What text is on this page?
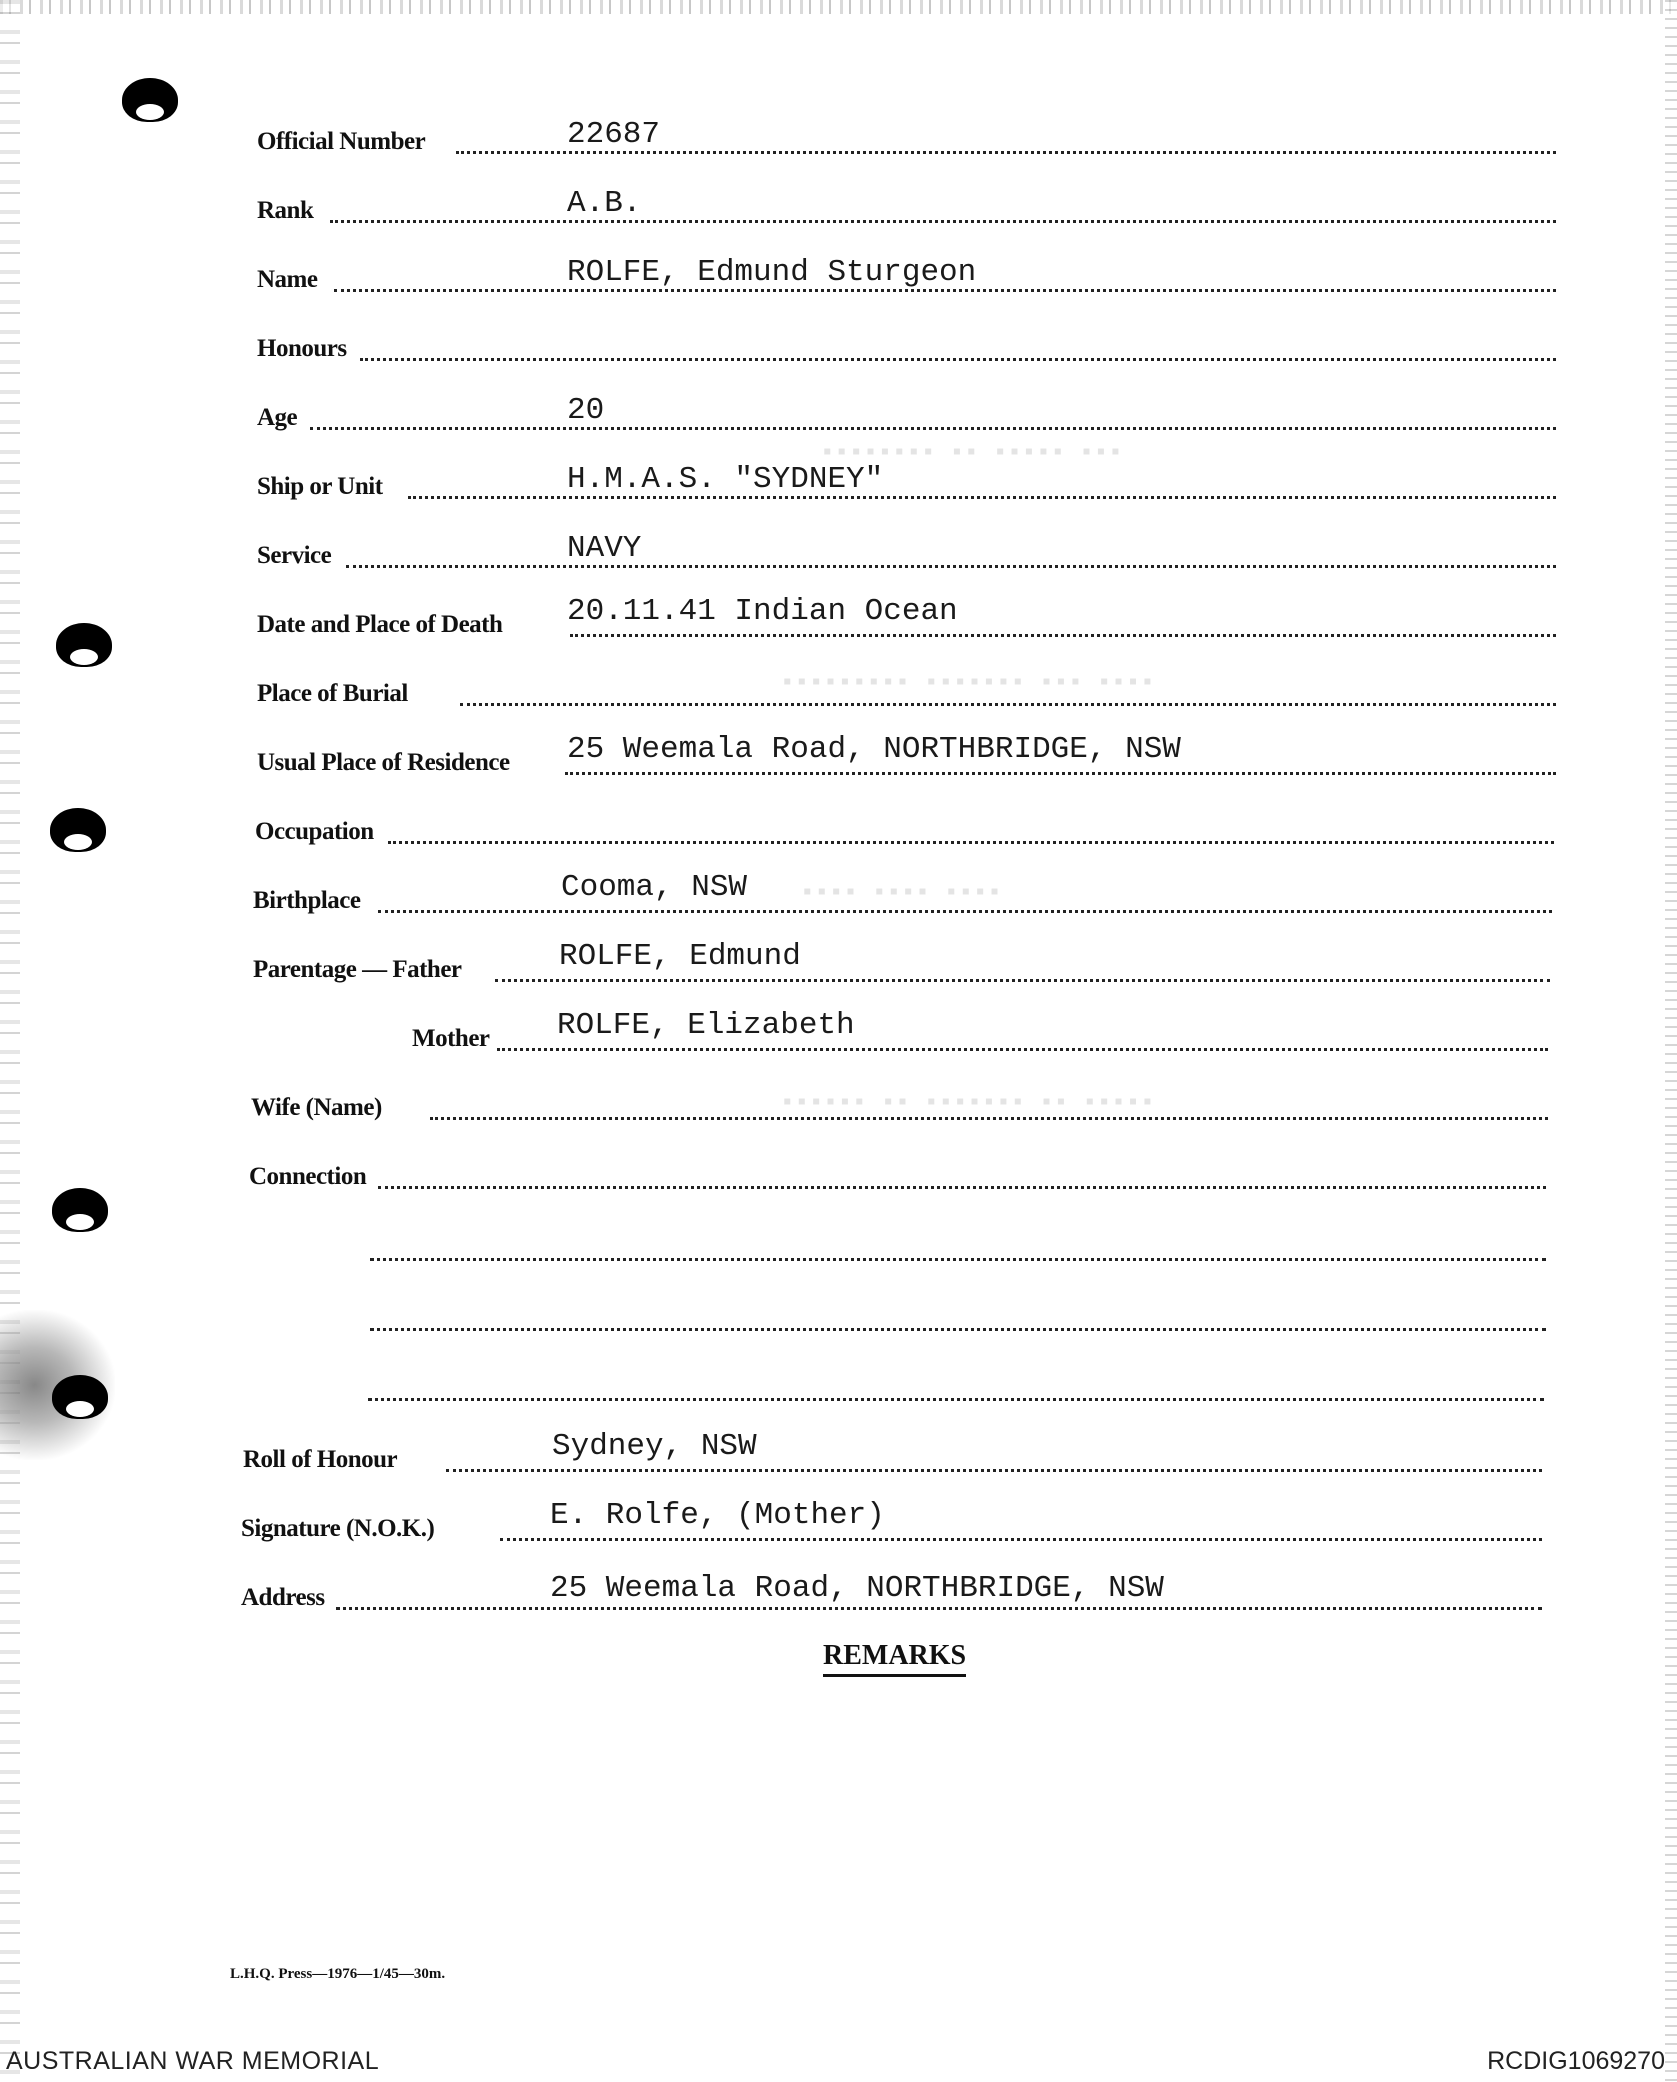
▪▪▪ ▪▪▪▪▪ ▪▪ ▪▪▪▪▪▪▪▪
▪▪▪▪ ▪▪▪ ▪▪▪▪▪▪▪ ▪▪▪▪▪▪▪▪▪
▪▪▪▪ ▪▪▪▪ ▪▪▪▪
▪▪▪▪▪ ▪▪ ▪▪▪▪▪▪▪ ▪▪ ▪▪▪▪▪▪
Official Number	22687
Rank	A.B.
Name	ROLFE, Edmund Sturgeon
Honours
Age	20
Ship or Unit	H.M.A.S. "SYDNEY"
Service	NAVY
Date and Place of Death 20.11.41 Indian Ocean
Place of Burial
Usual Place of Residence 25 Weemala Road, NORTHBRIDGE, NSW
Occupation
Birthplace	Cooma, NSW
Parentage — Father	ROLFE, Edmund
Mother ROLFE, Elizabeth
Wife (Name)
Connection
Roll of Honour	Sydney, NSW
Signature (N.O.K.)	E. Rolfe, (Mother)
Address	25 Weemala Road, NORTHBRIDGE, NSW
REMARKS
L.H.Q. Press—1976—1/45—30m.
AUSTRALIAN WAR MEMORIAL	RCDIG1069270
